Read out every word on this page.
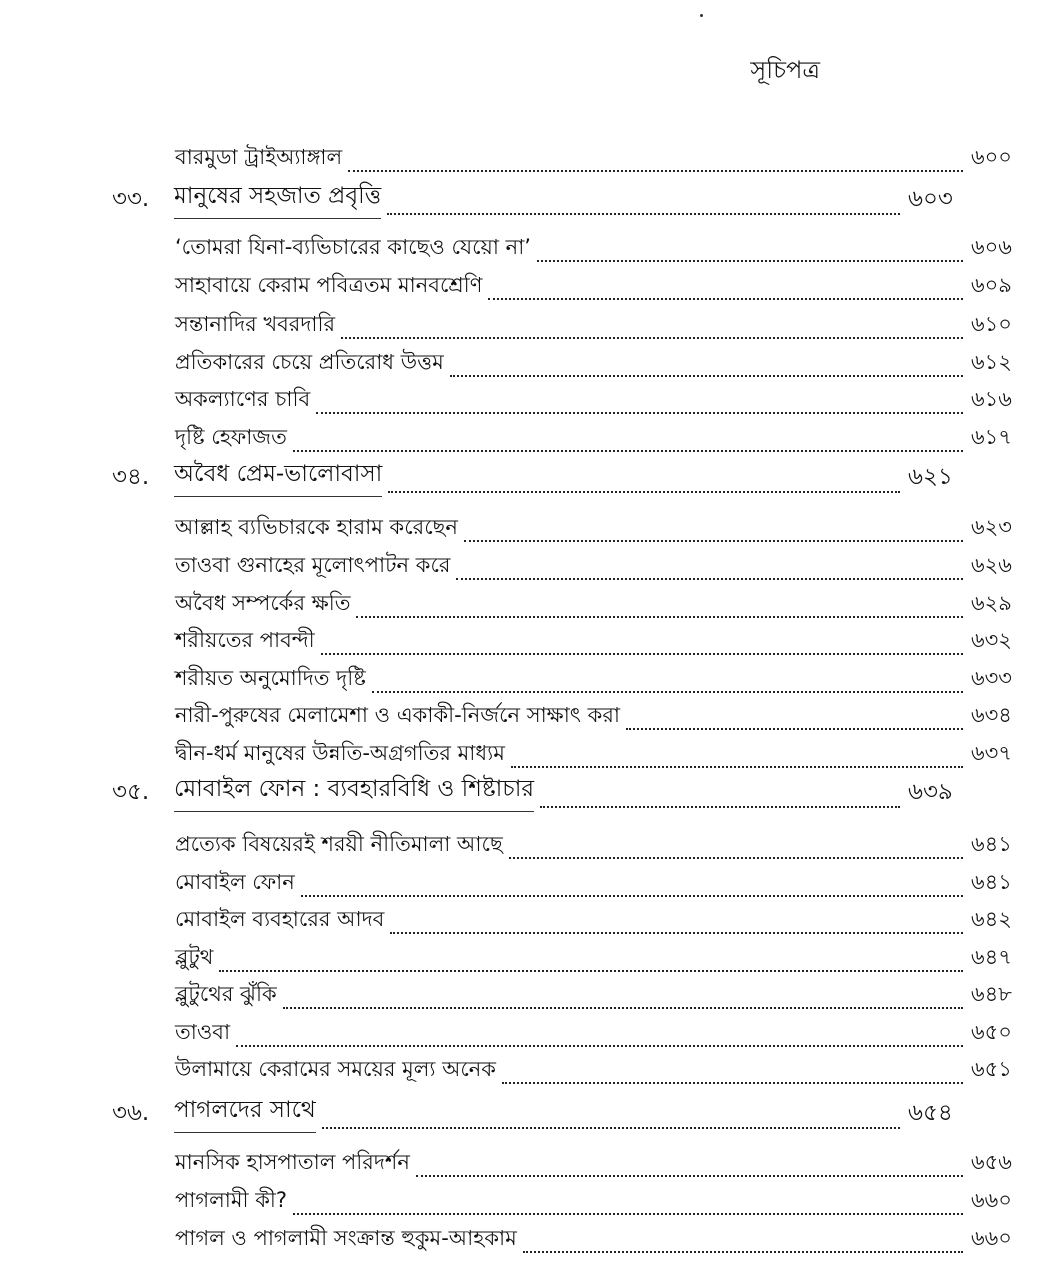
সূচিপত্র
বারমুডা ট্রাইঅ্যাঙ্গাল	৬০০
৩৩.	মানুষের সহজাত প্রবৃত্তি	৬০৩
‘তোমরা যিনা-ব্যভিচারের কাছেও যেয়ো না’	৬০৬
সাহাবায়ে কেরাম পবিত্রতম মানবশ্রেণি	৬০৯
সন্তানাদির খবরদারি	৬১০
প্রতিকারের চেয়ে প্রতিরোধ উত্তম	৬১২
অকল্যাণের চাবি	৬১৬
দৃষ্টি হেফাজত	৬১৭
৩৪.	অবৈধ প্রেম-ভালোবাসা	৬২১
আল্লাহ ব্যভিচারকে হারাম করেছেন	৬২৩
তাওবা গুনাহের মূলোৎপাটন করে	৬২৬
অবৈধ সম্পর্কের ক্ষতি	৬২৯
শরীয়তের পাবন্দী	৬৩২
শরীয়ত অনুমোদিত দৃষ্টি	৬৩৩
নারী-পুরুষের মেলামেশা ও একাকী-নির্জনে সাক্ষাৎ করা	৬৩৪
দ্বীন-ধর্ম মানুষের উন্নতি-অগ্রগতির মাধ্যম	৬৩৭
৩৫.	মোবাইল ফোন : ব্যবহারবিধি ও শিষ্টাচার	৬৩৯
প্রত্যেক বিষয়েরই শরয়ী নীতিমালা আছে	৬৪১
মোবাইল ফোন	৬৪১
মোবাইল ব্যবহারের আদব	৬৪২
ব্লুটুথ	৬৪৭
ব্লুটুথের ঝুঁকি	৬৪৮
তাওবা	৬৫০
উলামায়ে কেরামের সময়ের মূল্য অনেক	৬৫১
৩৬.	পাগলদের সাথে	৬৫৪
মানসিক হাসপাতাল পরিদর্শন	৬৫৬
পাগলামী কী?	৬৬০
পাগল ও পাগলামী সংক্রান্ত হুকুম-আহকাম	৬৬০
